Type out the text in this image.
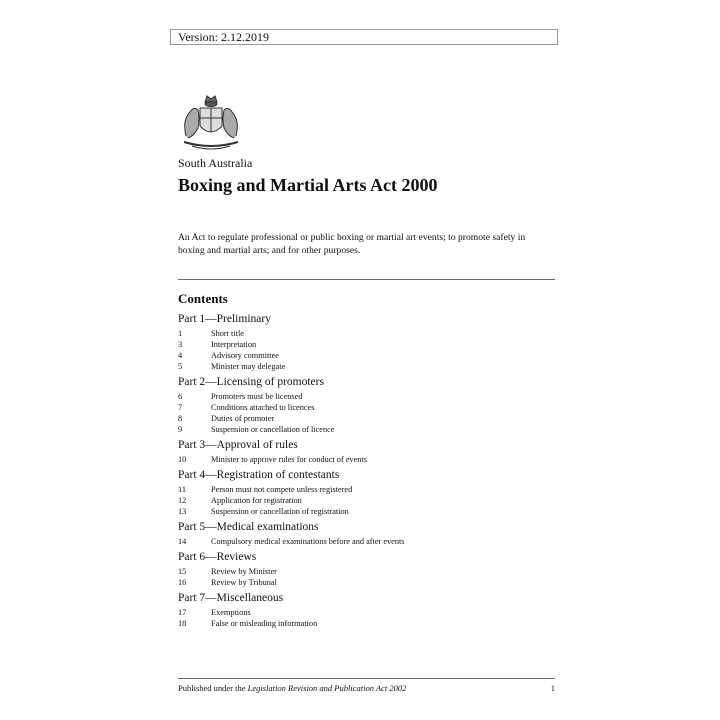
Version: 2.12.2019
South Australia
Boxing and Martial Arts Act 2000

An Act to regulate professional or public boxing or martial art events; to promote safety in boxing and martial arts; and for other purposes.

Contents
Part 1—Preliminary
1	Short title
3	Interpretation
4	Advisory committee
5	Minister may delegate
Part 2—Licensing of promoters
6	Promoters must be licensed
7	Conditions attached to licences
8	Duties of promoter
9	Suspension or cancellation of licence
Part 3—Approval of rules
10	Minister to approve rules for conduct of events
Part 4—Registration of contestants
11	Person must not compete unless registered
12	Application for registration
13	Suspension or cancellation of registration
Part 5—Medical examinations
14	Compulsory medical examinations before and after events
Part 6—Reviews
15	Review by Minister
16	Review by Tribunal
Part 7—Miscellaneous
17	Exemptions
18	False or misleading information
Published under the Legislation Revision and Publication Act 2002	1
